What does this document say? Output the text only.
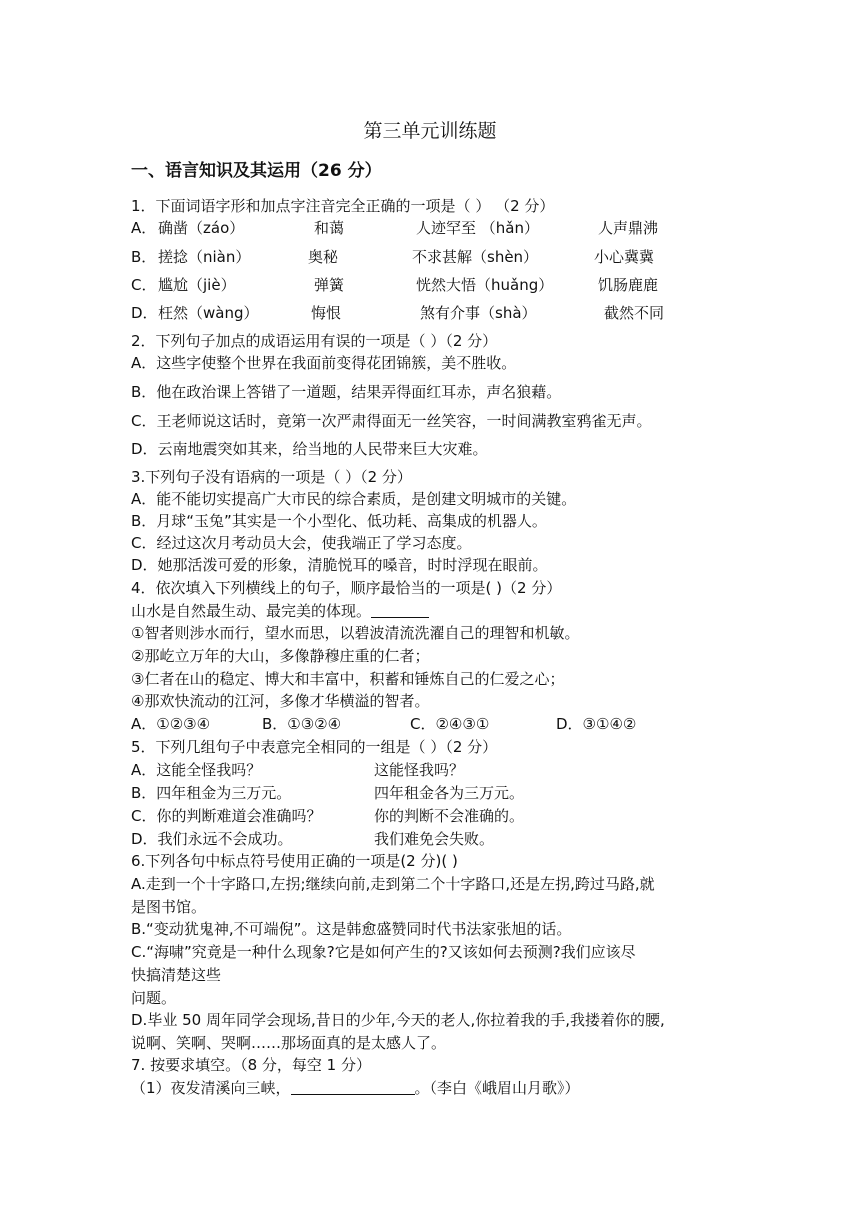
第三单元训练题
一、语言知识及其运用（26 分）
1．下面词语字形和加点字注音完全正确的一项是（ ） （2 分）
A． 确凿（záo）	和蔼	人迹罕至 （hǎn）	人声鼎沸
B． 搓捻（niàn）	奥秘	不求甚解（shèn）	小心冀冀
C． 尴尬（jiè）	弹簧	恍然大悟（huǎng）	饥肠鹿鹿
D． 枉然（wàng）	悔恨	煞有介事（shà）	截然不同
2．下列句子加点的成语运用有误的一项是（ ）（2 分）
A．这些字使整个世界在我面前变得花团锦簇，美不胜收。
B．他在政治课上答错了一道题，结果弄得面红耳赤，声名狼藉。
C．王老师说这话时，竟第一次严肃得面无一丝笑容，一时间满教室鸦雀无声。
D．云南地震突如其来，给当地的人民带来巨大灾难。
3.下列句子没有语病的一项是（ ）（2 分）
A．能不能切实提高广大市民的综合素质，是创建文明城市的关键。
B．月球“玉兔”其实是一个小型化、低功耗、高集成的机器人。
C．经过这次月考动员大会，使我端正了学习态度。
D．她那活泼可爱的形象，清脆悦耳的嗓音，时时浮现在眼前。
4．依次填入下列横线上的句子，顺序最恰当的一项是( )（2 分）
山水是自然最生动、最完美的体现。
①智者则涉水而行，望水而思，以碧波清流洗濯自己的理智和机敏。
②那屹立万年的大山，多像静穆庄重的仁者；
③仁者在山的稳定、博大和丰富中，积蓄和锤炼自己的仁爱之心；
④那欢快流动的江河，多像才华横溢的智者。
A．①②③④	B．①③②④	C．②④③①	D．③①④②
5．下列几组句子中表意完全相同的一组是（ ）（2 分）
A．这能全怪我吗？	这能怪我吗？
B．四年租金为三万元。	四年租金各为三万元。
C．你的判断难道会准确吗？	你的判断不会准确的。
D．我们永远不会成功。	我们难免会失败。
6.下列各句中标点符号使用正确的一项是(2 分)( )
A.走到一个十字路口,左拐;继续向前,走到第二个十字路口,还是左拐,跨过马路,就
是图书馆。
B.“变动犹鬼神,不可端倪”。这是韩愈盛赞同时代书法家张旭的话。
C.“海啸”究竟是一种什么现象?它是如何产生的?又该如何去预测?我们应该尽
快搞清楚这些
问题。
D.毕业 50 周年同学会现场,昔日的少年,今天的老人,你拉着我的手,我搂着你的腰,
说啊、笑啊、哭啊……那场面真的是太感人了。
7. 按要求填空。（8 分，每空 1 分）
（1）夜发清溪向三峡，	。（李白《峨眉山月歌》）
